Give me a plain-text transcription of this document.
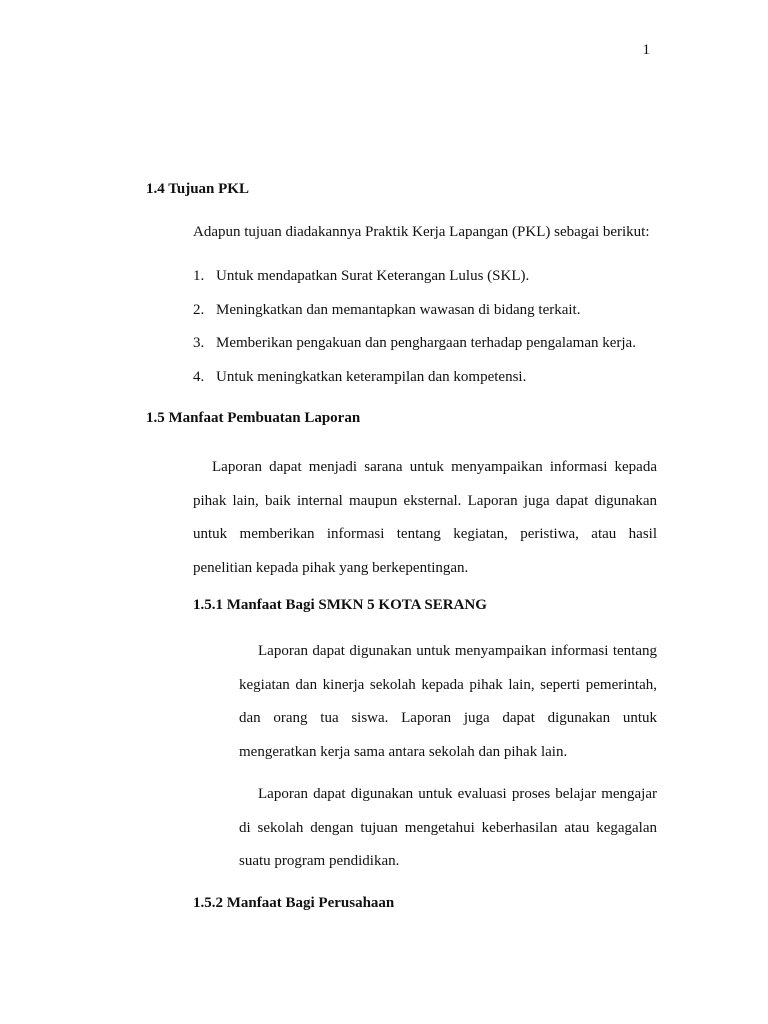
1
1.4 Tujuan PKL

Adapun tujuan diadakannya Praktik Kerja Lapangan (PKL) sebagai berikut:

1. Untuk mendapatkan Surat Keterangan Lulus (SKL).
2. Meningkatkan dan memantapkan wawasan di bidang terkait.
3. Memberikan pengakuan dan penghargaan terhadap pengalaman kerja.
4. Untuk meningkatkan keterampilan dan kompetensi.
1.5 Manfaat Pembuatan Laporan

Laporan dapat menjadi sarana untuk menyampaikan informasi kepada pihak lain, baik internal maupun eksternal. Laporan juga dapat digunakan untuk memberikan informasi tentang kegiatan, peristiwa, atau hasil penelitian kepada pihak yang berkepentingan.

1.5.1 Manfaat Bagi SMKN 5 KOTA SERANG

Laporan dapat digunakan untuk menyampaikan informasi tentang kegiatan dan kinerja sekolah kepada pihak lain, seperti pemerintah, dan orang tua siswa. Laporan juga dapat digunakan untuk mengeratkan kerja sama antara sekolah dan pihak lain.

Laporan dapat digunakan untuk evaluasi proses belajar mengajar di sekolah dengan tujuan mengetahui keberhasilan atau kegagalan suatu program pendidikan.

1.5.2 Manfaat Bagi Perusahaan
